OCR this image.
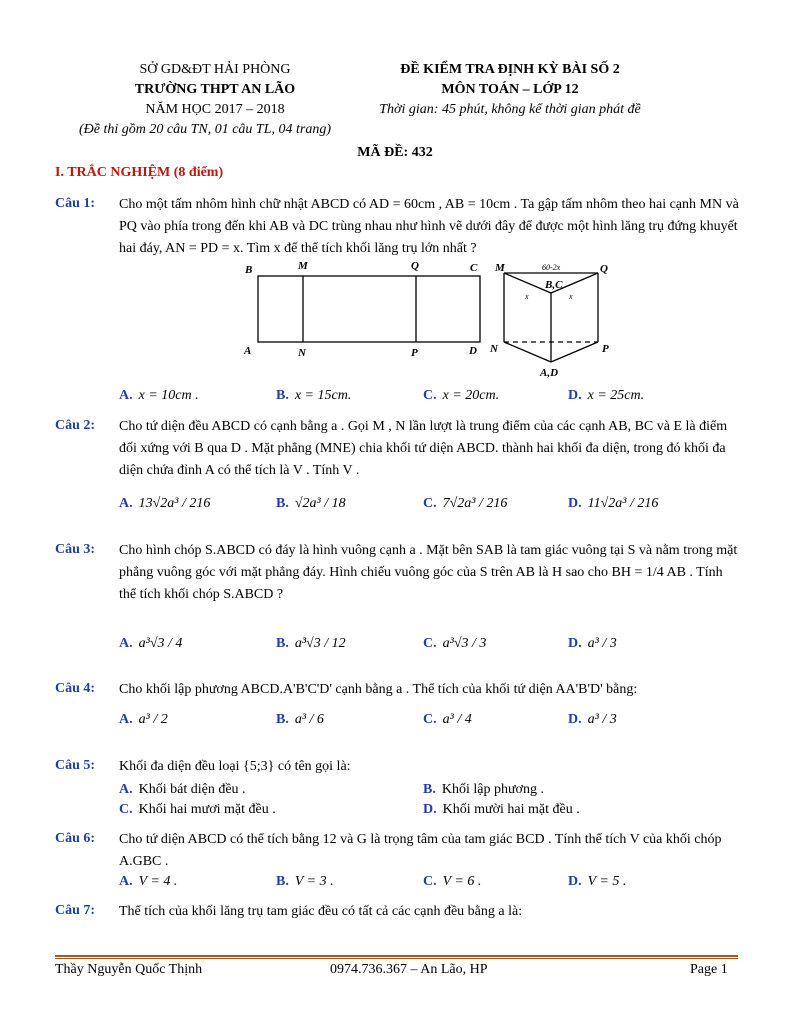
SỞ GD&ĐT HẢI PHÒNG
TRƯỜNG THPT AN LÃO
NĂM HỌC 2017 – 2018
(Đề thi gồm 20 câu TN, 01 câu TL, 04 trang)
ĐỀ KIỂM TRA ĐỊNH KỲ BÀI SỐ 2
MÔN TOÁN – LỚP 12
Thời gian: 45 phút, không kể thời gian phát đề
MÃ ĐỀ: 432
I. TRẮC NGHIỆM (8 điểm)
Câu 1: Cho một tấm nhôm hình chữ nhật ABCD có AD = 60cm , AB = 10cm . Ta gập tấm nhôm theo hai cạnh MN và PQ vào phía trong đến khi AB và DC trùng nhau như hình vẽ dưới đây để được một hình lăng trụ đứng khuyết hai đáy, AN = PD = x. Tìm x để thể tích khối lăng trụ lớn nhất ?
B	M	Q	C
A	N	P	D
M	60-2x	Q
B,C
x	x
N	P
A,D
A. x = 10cm .	B. x = 15cm.	C. x = 20cm.	D. x = 25cm.
Câu 2: Cho tứ diện đều ABCD có cạnh bằng a . Gọi M , N lần lượt là trung điểm của các cạnh AB, BC và E là điểm đối xứng với B qua D . Mặt phẳng (MNE) chia khối tứ diện ABCD. thành hai khối đa diện, trong đó khối đa diện chứa đỉnh A có thể tích là V . Tính V .
A. 13√2a³ / 216	B. √2a³ / 18	C. 7√2a³ / 216	D. 11√2a³ / 216
Câu 3: Cho hình chóp S.ABCD có đáy là hình vuông cạnh a . Mặt bên SAB là tam giác vuông tại S và nằm trong mặt phẳng vuông góc với mặt phẳng đáy. Hình chiếu vuông góc của S trên AB là H sao cho BH = 1/4 AB . Tính thể tích khối chóp S.ABCD ?
A. a³√3 / 4	B. a³√3 / 12	C. a³√3 / 3	D. a³ / 3
Câu 4: Cho khối lập phương ABCD.A'B'C'D' cạnh bằng a . Thể tích của khối tứ diện AA'B'D' bằng:
A. a³ / 2	B. a³ / 6	C. a³ / 4	D. a³ / 3
Câu 5: Khối đa diện đều loại {5;3} có tên gọi là:
A. Khối bát diện đều .	B. Khối lập phương .
C. Khối hai mươi mặt đều .	D. Khối mười hai mặt đều .
Câu 6: Cho tứ diện ABCD có thể tích bằng 12 và G là trọng tâm của tam giác BCD . Tính thể tích V của khối chóp A.GBC .
A. V = 4 .	B. V = 3 .	C. V = 6 .	D. V = 5 .
Câu 7: Thể tích của khối lăng trụ tam giác đều có tất cả các cạnh đều bằng a là:
Thầy Nguyễn Quốc Thịnh	0974.736.367 – An Lão, HP	Page 1
